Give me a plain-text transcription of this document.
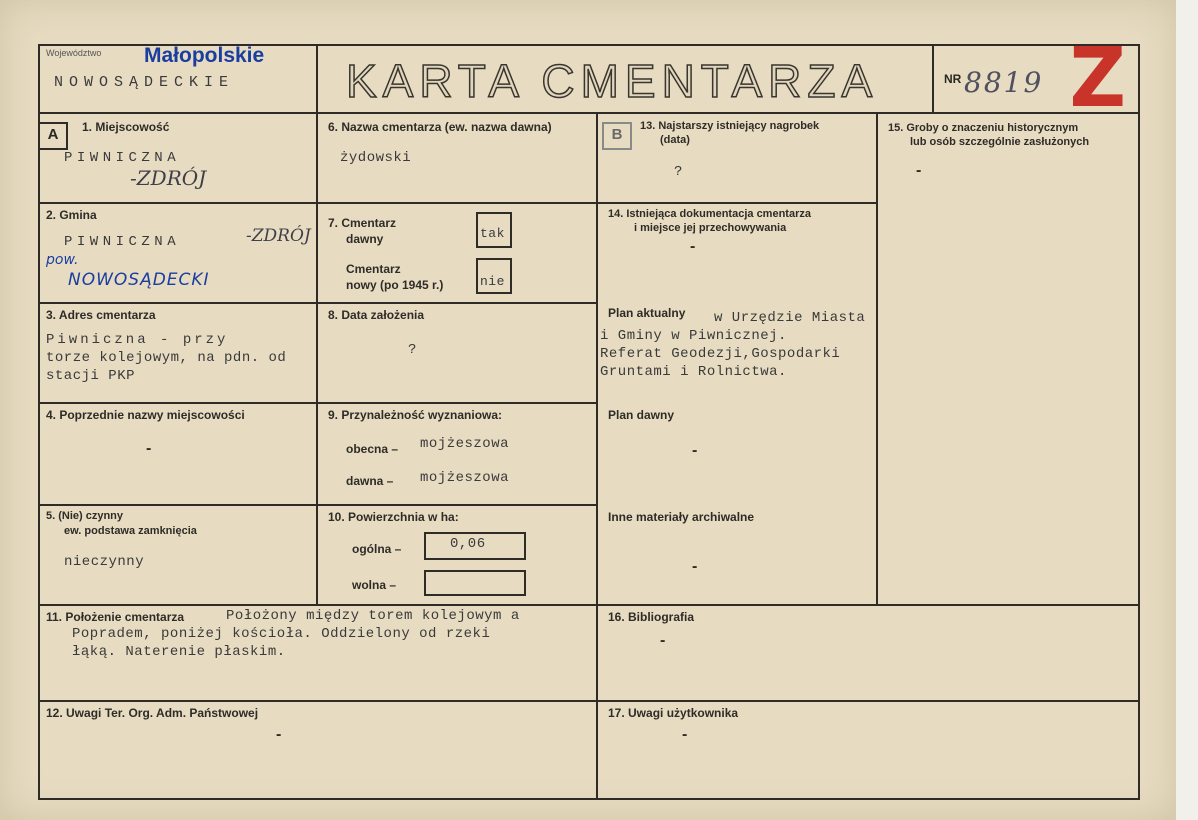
Województwo Małopolskie
NOWOSĄDECKIE KARTA CMENTARZA	NR 8819 Z
A	1. Miejscowość
PIWNICZNA
-ZDRÓJ
6. Nazwa cmentarza (ew. nazwa dawna)
żydowski
B	13. Najstarszy istniejący nagrobek
(data)
?
15. Groby o znaczeniu historycznym
lub osób szczególnie zasłużonych
-
2. Gmina
PIWNICZNA	-ZDRÓJ
pow.
NOWOSĄDECKI
7. Cmentarz
dawny	tak
Cmentarz
nowy (po 1945 r.)	nie
14. Istniejąca dokumentacja cmentarza
i miejsce jej przechowywania
-
Plan aktualny w Urzędzie Miasta
i Gminy w Piwnicznej.
Referat Geodezji,Gospodarki
Gruntami i Rolnictwa.
Plan dawny
-
Inne materiały archiwalne
-
3. Adres cmentarza
Piwniczna - przy
torze kolejowym, na pdn. od
stacji PKP
8. Data założenia
?
4. Poprzednie nazwy miejscowości
-
9. Przynależność wyznaniowa:
obecna – mojżeszowa
dawna – mojżeszowa
5. (Nie) czynny
ew. podstawa zamknięcia
nieczynny
10. Powierzchnia w ha:
ogólna –	0,06
wolna –
11. Położenie cmentarza	Położony między torem kolejowym a
Popradem, poniżej kościoła. Oddzielony od rzeki
łąką. Naterenie płaskim.
16. Bibliografia
-
12. Uwagi Ter. Org. Adm. Państwowej
-
17. Uwagi użytkownika
-
